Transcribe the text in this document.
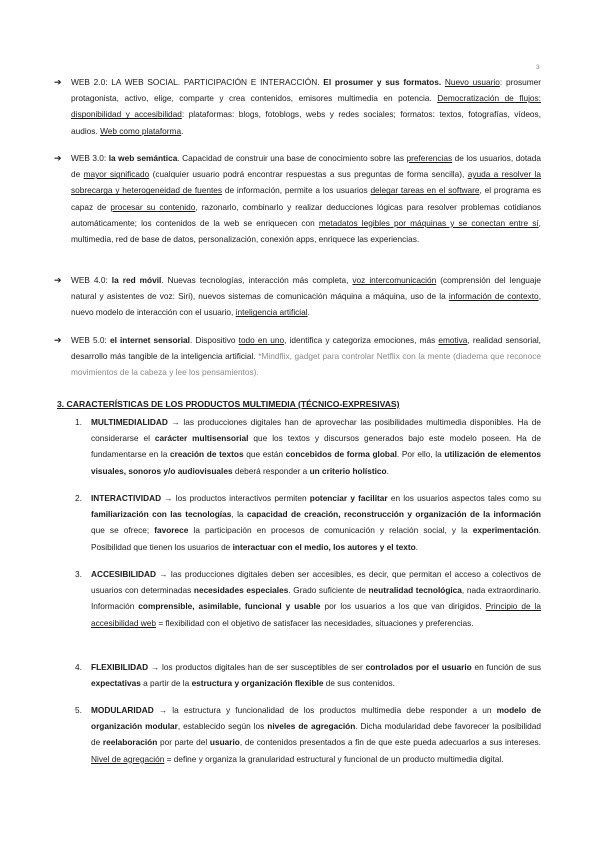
3
➔ WEB 2.0: LA WEB SOCIAL. PARTICIPACIÓN E INTERACCIÓN. El prosumer y sus formatos. Nuevo usuario: prosumer protagonista, activo, elige, comparte y crea contenidos, emisores multimedia en potencia. Democratización de flujos: disponibilidad y accesibilidad: plataformas: blogs, fotoblogs, webs y redes sociales; formatos: textos, fotografías, vídeos, audios. Web como plataforma.
➔ WEB 3.0: la web semántica. Capacidad de construir una base de conocimiento sobre las preferencias de los usuarios, dotada de mayor significado (cualquier usuario podrá encontrar respuestas a sus preguntas de forma sencilla), ayuda a resolver la sobrecarga y heterogeneidad de fuentes de información, permite a los usuarios delegar tareas en el software, el programa es capaz de procesar su contenido, razonarlo, combinarlo y realizar deducciones lógicas para resolver problemas cotidianos automáticamente; los contenidos de la web se enriquecen con metadatos legibles por máquinas y se conectan entre sí, multimedia, red de base de datos, personalización, conexión apps, enriquece las experiencias.
➔ WEB 4.0: la red móvil. Nuevas tecnologías, interacción más completa, voz intercomunicación (comprensión del lenguaje natural y asistentes de voz: Siri), nuevos sistemas de comunicación máquina a máquina, uso de la información de contexto, nuevo modelo de interacción con el usuario, inteligencia artificial.
➔ WEB 5.0: el internet sensorial. Dispositivo todo en uno, identifica y categoriza emociones, más emotiva, realidad sensorial, desarrollo más tangible de la inteligencia artificial. *Mindflix, gadget para controlar Netflix con la mente (diadema que reconoce movimientos de la cabeza y lee los pensamientos).
3. CARACTERÍSTICAS DE LOS PRODUCTOS MULTIMEDIA (TÉCNICO-EXPRESIVAS)
1. MULTIMEDIALIDAD → las producciones digitales han de aprovechar las posibilidades multimedia disponibles. Ha de considerarse el carácter multisensorial que los textos y discursos generados bajo este modelo poseen. Ha de fundamentarse en la creación de textos que están concebidos de forma global. Por ello, la utilización de elementos visuales, sonoros y/o audiovisuales deberá responder a un criterio holístico.
2. INTERACTIVIDAD → los productos interactivos permiten potenciar y facilitar en los usuarios aspectos tales como su familiarización con las tecnologías, la capacidad de creación, reconstrucción y organización de la información que se ofrece; favorece la participación en procesos de comunicación y relación social, y la experimentación. Posibilidad que tienen los usuarios de interactuar con el medio, los autores y el texto.
3. ACCESIBILIDAD → las producciones digitales deben ser accesibles, es decir, que permitan el acceso a colectivos de usuarios con determinadas necesidades especiales. Grado suficiente de neutralidad tecnológica, nada extraordinario. Información comprensible, asimilable, funcional y usable por los usuarios a los que van dirigidos. Principio de la accesibilidad web = flexibilidad con el objetivo de satisfacer las necesidades, situaciones y preferencias.
4. FLEXIBILIDAD → los productos digitales han de ser susceptibles de ser controlados por el usuario en función de sus expectativas a partir de la estructura y organización flexible de sus contenidos.
5. MODULARIDAD → la estructura y funcionalidad de los productos multimedia debe responder a un modelo de organización modular, establecido según los niveles de agregación. Dicha modularidad debe favorecer la posibilidad de reelaboración por parte del usuario, de contenidos presentados a fin de que este pueda adecuarlos a sus intereses. Nivel de agregación = define y organiza la granularidad estructural y funcional de un producto multimedia digital.
